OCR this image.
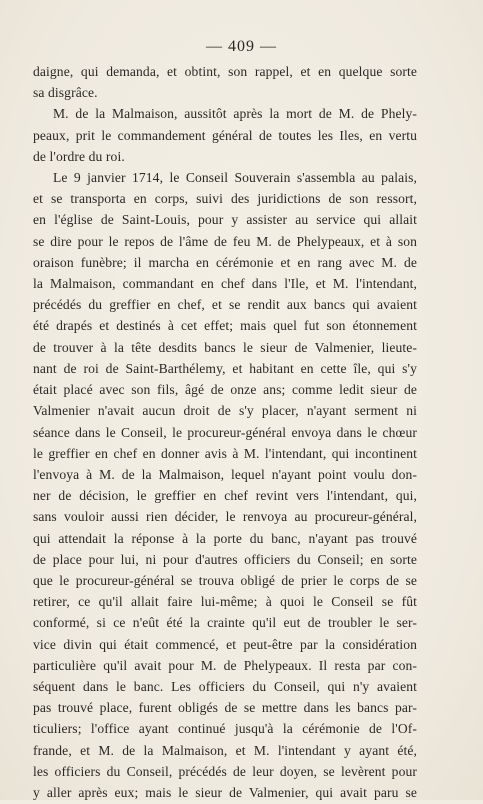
— 409 —
daigne, qui demanda, et obtint, son rappel, et en quelque sorte
sa disgrâce.
M. de la Malmaison, aussitôt après la mort de M. de Phely-
peaux, prit le commandement général de toutes les Iles, en vertu
de l'ordre du roi.
Le 9 janvier 1714, le Conseil Souverain s'assembla au palais,
et se transporta en corps, suivi des juridictions de son ressort,
en l'église de Saint-Louis, pour y assister au service qui allait
se dire pour le repos de l'âme de feu M. de Phelypeaux, et à son
oraison funèbre; il marcha en cérémonie et en rang avec M. de
la Malmaison, commandant en chef dans l'Ile, et M. l'intendant,
précédés du greffier en chef, et se rendit aux bancs qui avaient
été drapés et destinés à cet effet; mais quel fut son étonnement
de trouver à la tête desdits bancs le sieur de Valmenier, lieute-
nant de roi de Saint-Barthélemy, et habitant en cette île, qui s'y
était placé avec son fils, âgé de onze ans; comme ledit sieur de
Valmenier n'avait aucun droit de s'y placer, n'ayant serment ni
séance dans le Conseil, le procureur-général envoya dans le chœur
le greffier en chef en donner avis à M. l'intendant, qui incontinent
l'envoya à M. de la Malmaison, lequel n'ayant point voulu don-
ner de décision, le greffier en chef revint vers l'intendant, qui,
sans vouloir aussi rien décider, le renvoya au procureur-général,
qui attendait la réponse à la porte du banc, n'ayant pas trouvé
de place pour lui, ni pour d'autres officiers du Conseil; en sorte
que le procureur-général se trouva obligé de prier le corps de se
retirer, ce qu'il allait faire lui-même; à quoi le Conseil se fût
conformé, si ce n'eût été la crainte qu'il eut de troubler le ser-
vice divin qui était commencé, et peut-être par la considération
particulière qu'il avait pour M. de Phelypeaux. Il resta par con-
séquent dans le banc. Les officiers du Conseil, qui n'y avaient
pas trouvé place, furent obligés de se mettre dans les bancs par-
ticuliers; l'office ayant continué jusqu'à la cérémonie de l'Of-
frande, et M. de la Malmaison, et M. l'intendant y ayant été,
les officiers du Conseil, précédés de leur doyen, se levèrent pour
y aller après eux; mais le sieur de Valmenier, qui avait paru se
